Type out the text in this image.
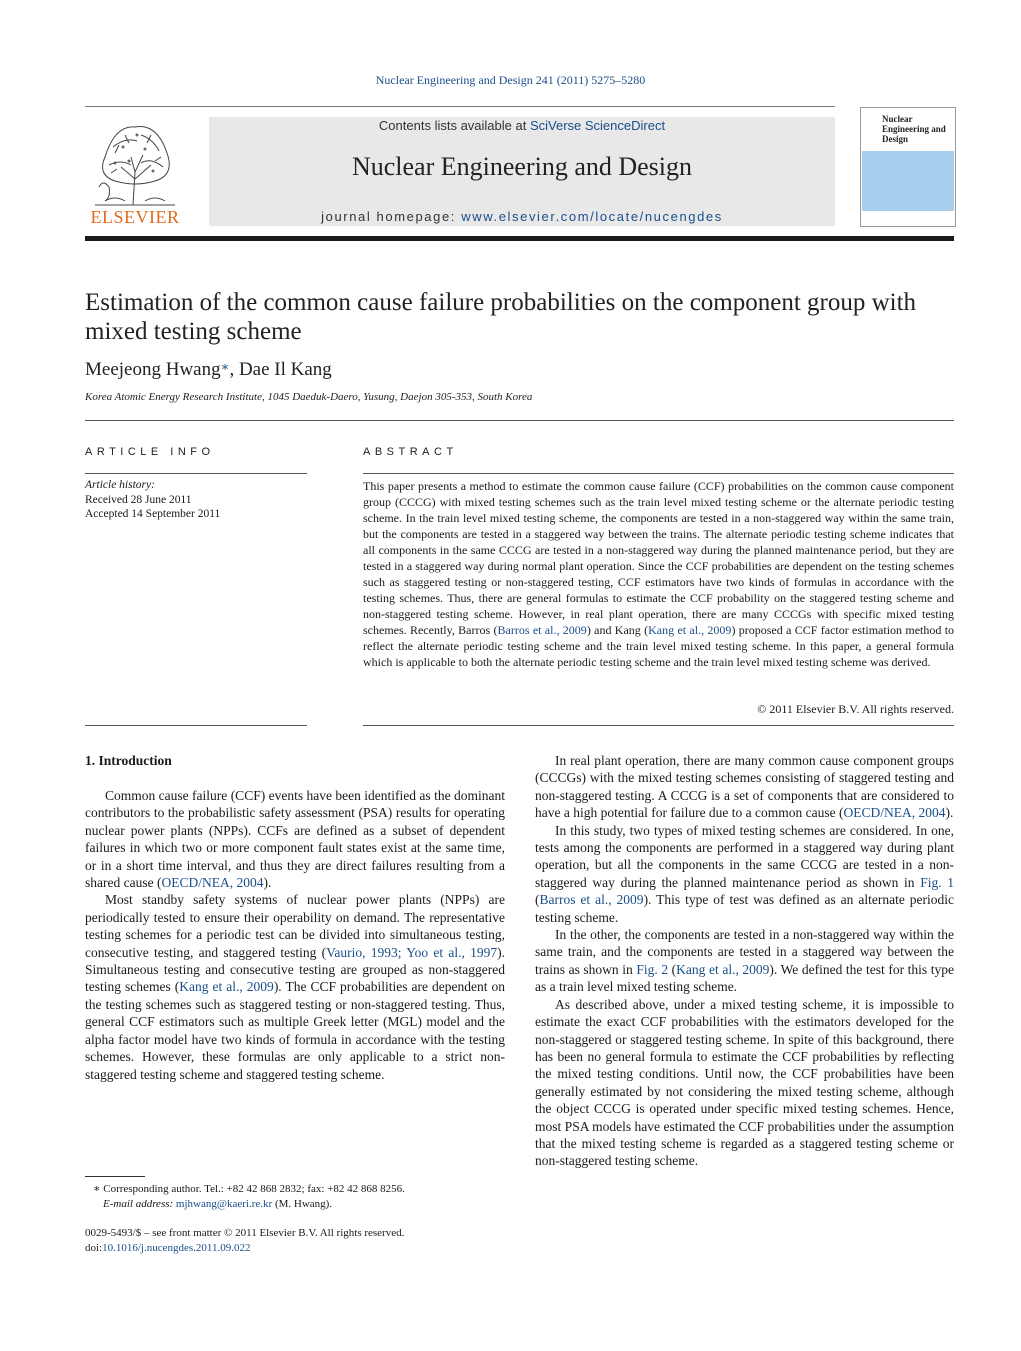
Nuclear Engineering and Design 241 (2011) 5275–5280
ELSEVIER
Contents lists available at SciVerse ScienceDirect
Nuclear Engineering and Design
journal homepage: www.elsevier.com/locate/nucengdes
Nuclear Engineering and Design
Estimation of the common cause failure probabilities on the component group with mixed testing scheme
Meejeong Hwang∗, Dae Il Kang
Korea Atomic Energy Research Institute, 1045 Daeduk-Daero, Yusung, Daejon 305-353, South Korea
ARTICLE INFO
Article history:
Received 28 June 2011
Accepted 14 September 2011
ABSTRACT
This paper presents a method to estimate the common cause failure (CCF) probabilities on the common cause component group (CCCG) with mixed testing schemes such as the train level mixed testing scheme or the alternate periodic testing scheme. In the train level mixed testing scheme, the components are tested in a non-staggered way within the same train, but the components are tested in a staggered way between the trains. The alternate periodic testing scheme indicates that all components in the same CCCG are tested in a non-staggered way during the planned maintenance period, but they are tested in a staggered way during normal plant operation. Since the CCF probabilities are dependent on the testing schemes such as staggered testing or non-staggered testing, CCF estimators have two kinds of formulas in accordance with the testing schemes. Thus, there are general formulas to estimate the CCF probability on the staggered testing scheme and non-staggered testing scheme. However, in real plant operation, there are many CCCGs with specific mixed testing schemes. Recently, Barros (Barros et al., 2009) and Kang (Kang et al., 2009) proposed a CCF factor estimation method to reflect the alternate periodic testing scheme and the train level mixed testing scheme. In this paper, a general formula which is applicable to both the alternate periodic testing scheme and the train level mixed testing scheme was derived.
© 2011 Elsevier B.V. All rights reserved.
1. Introduction

Common cause failure (CCF) events have been identified as the dominant contributors to the probabilistic safety assessment (PSA) results for operating nuclear power plants (NPPs). CCFs are defined as a subset of dependent failures in which two or more component fault states exist at the same time, or in a short time interval, and thus they are direct failures resulting from a shared cause (OECD/NEA, 2004).

Most standby safety systems of nuclear power plants (NPPs) are periodically tested to ensure their operability on demand. The representative testing schemes for a periodic test can be divided into simultaneous testing, consecutive testing, and staggered testing (Vaurio, 1993; Yoo et al., 1997). Simultaneous testing and consecutive testing are grouped as non-staggered testing schemes (Kang et al., 2009). The CCF probabilities are dependent on the testing schemes such as staggered testing or non-staggered testing. Thus, general CCF estimators such as multiple Greek letter (MGL) model and the alpha factor model have two kinds of formula in accordance with the testing schemes. However, these formulas are only applicable to a strict non-staggered testing scheme and staggered testing scheme.

In real plant operation, there are many common cause component groups (CCCGs) with the mixed testing schemes consisting of staggered testing and non-staggered testing. A CCCG is a set of components that are considered to have a high potential for failure due to a common cause (OECD/NEA, 2004).

In this study, two types of mixed testing schemes are considered. In one, tests among the components are performed in a staggered way during plant operation, but all the components in the same CCCG are tested in a non-staggered way during the planned maintenance period as shown in Fig. 1 (Barros et al., 2009). This type of test was defined as an alternate periodic testing scheme.

In the other, the components are tested in a non-staggered way within the same train, and the components are tested in a staggered way between the trains as shown in Fig. 2 (Kang et al., 2009). We defined the test for this type as a train level mixed testing scheme.

As described above, under a mixed testing scheme, it is impossible to estimate the exact CCF probabilities with the estimators developed for the non-staggered or staggered testing scheme. In spite of this background, there has been no general formula to estimate the CCF probabilities by reflecting the mixed testing conditions. Until now, the CCF probabilities have been generally estimated by not considering the mixed testing scheme, although the object CCCG is operated under specific mixed testing schemes. Hence, most PSA models have estimated the CCF probabilities under the assumption that the mixed testing scheme is regarded as a staggered testing scheme or non-staggered testing scheme.

∗ Corresponding author. Tel.: +82 42 868 2832; fax: +82 42 868 8256.
E-mail address: mjhwang@kaeri.re.kr (M. Hwang).
0029-5493/$ – see front matter © 2011 Elsevier B.V. All rights reserved.
doi:10.1016/j.nucengdes.2011.09.022
